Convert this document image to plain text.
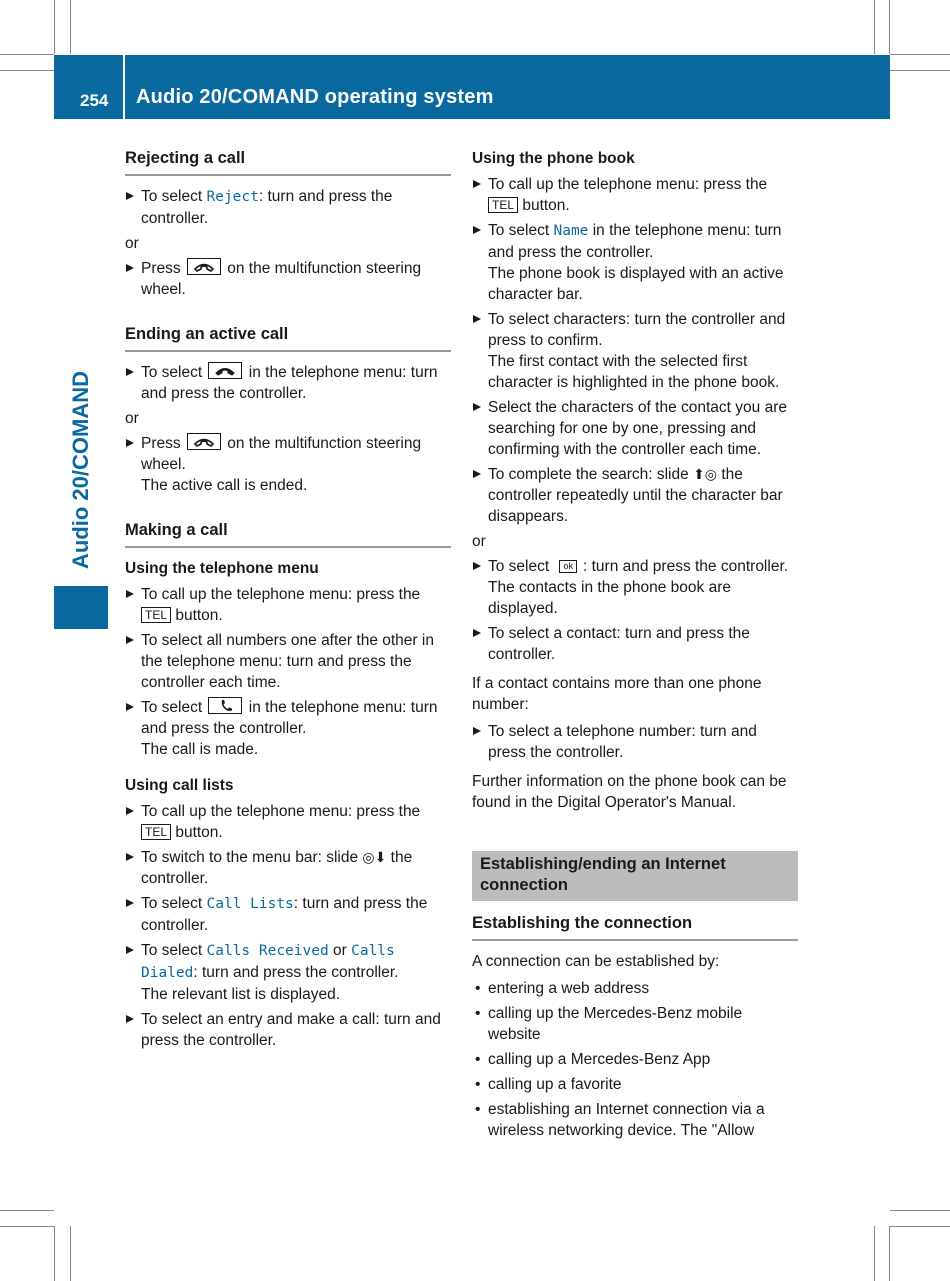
254 Audio 20/COMAND operating system
Audio 20/COMAND
Rejecting a call
To select Reject: turn and press the controller.
or
Press
on the multifunction steering wheel.
Ending an active call
To select
in the telephone menu: turn and press the controller.
or
Press
on the multifunction steering wheel.
The active call is ended.
Making a call
Using the telephone menu
To call up the telephone menu: press the TEL button.
To select all numbers one after the other in the telephone menu: turn and press the controller each time.
To select
in the telephone menu: turn and press the controller.
The call is made.
Using call lists
To call up the telephone menu: press the TEL button.
To switch to the menu bar: slide ◎⬇ the controller.
To select Call Lists: turn and press the controller.
To select Calls Received or Calls Dialed: turn and press the controller.
The relevant list is displayed.
To select an entry and make a call: turn and press the controller.
Using the phone book
To call up the telephone menu: press the TEL button.
To select Name in the telephone menu: turn and press the controller.
The phone book is displayed with an active character bar.
To select characters: turn the controller and press to confirm.
The first contact with the selected first character is highlighted in the phone book.
Select the characters of the contact you are searching for one by one, pressing and confirming with the controller each time.
To complete the search: slide ⬆◎ the controller repeatedly until the character bar disappears.
or
To select ok : turn and press the controller.
The contacts in the phone book are displayed.
To select a contact: turn and press the controller.
If a contact contains more than one phone number:
To select a telephone number: turn and press the controller.
Further information on the phone book can be found in the Digital Operator's Manual.
Establishing/ending an Internet connection
Establishing the connection
A connection can be established by:
• entering a web address
• calling up the Mercedes-Benz mobile website
• calling up a Mercedes-Benz App
• calling up a favorite
• establishing an Internet connection via a wireless networking device. The "Allow
